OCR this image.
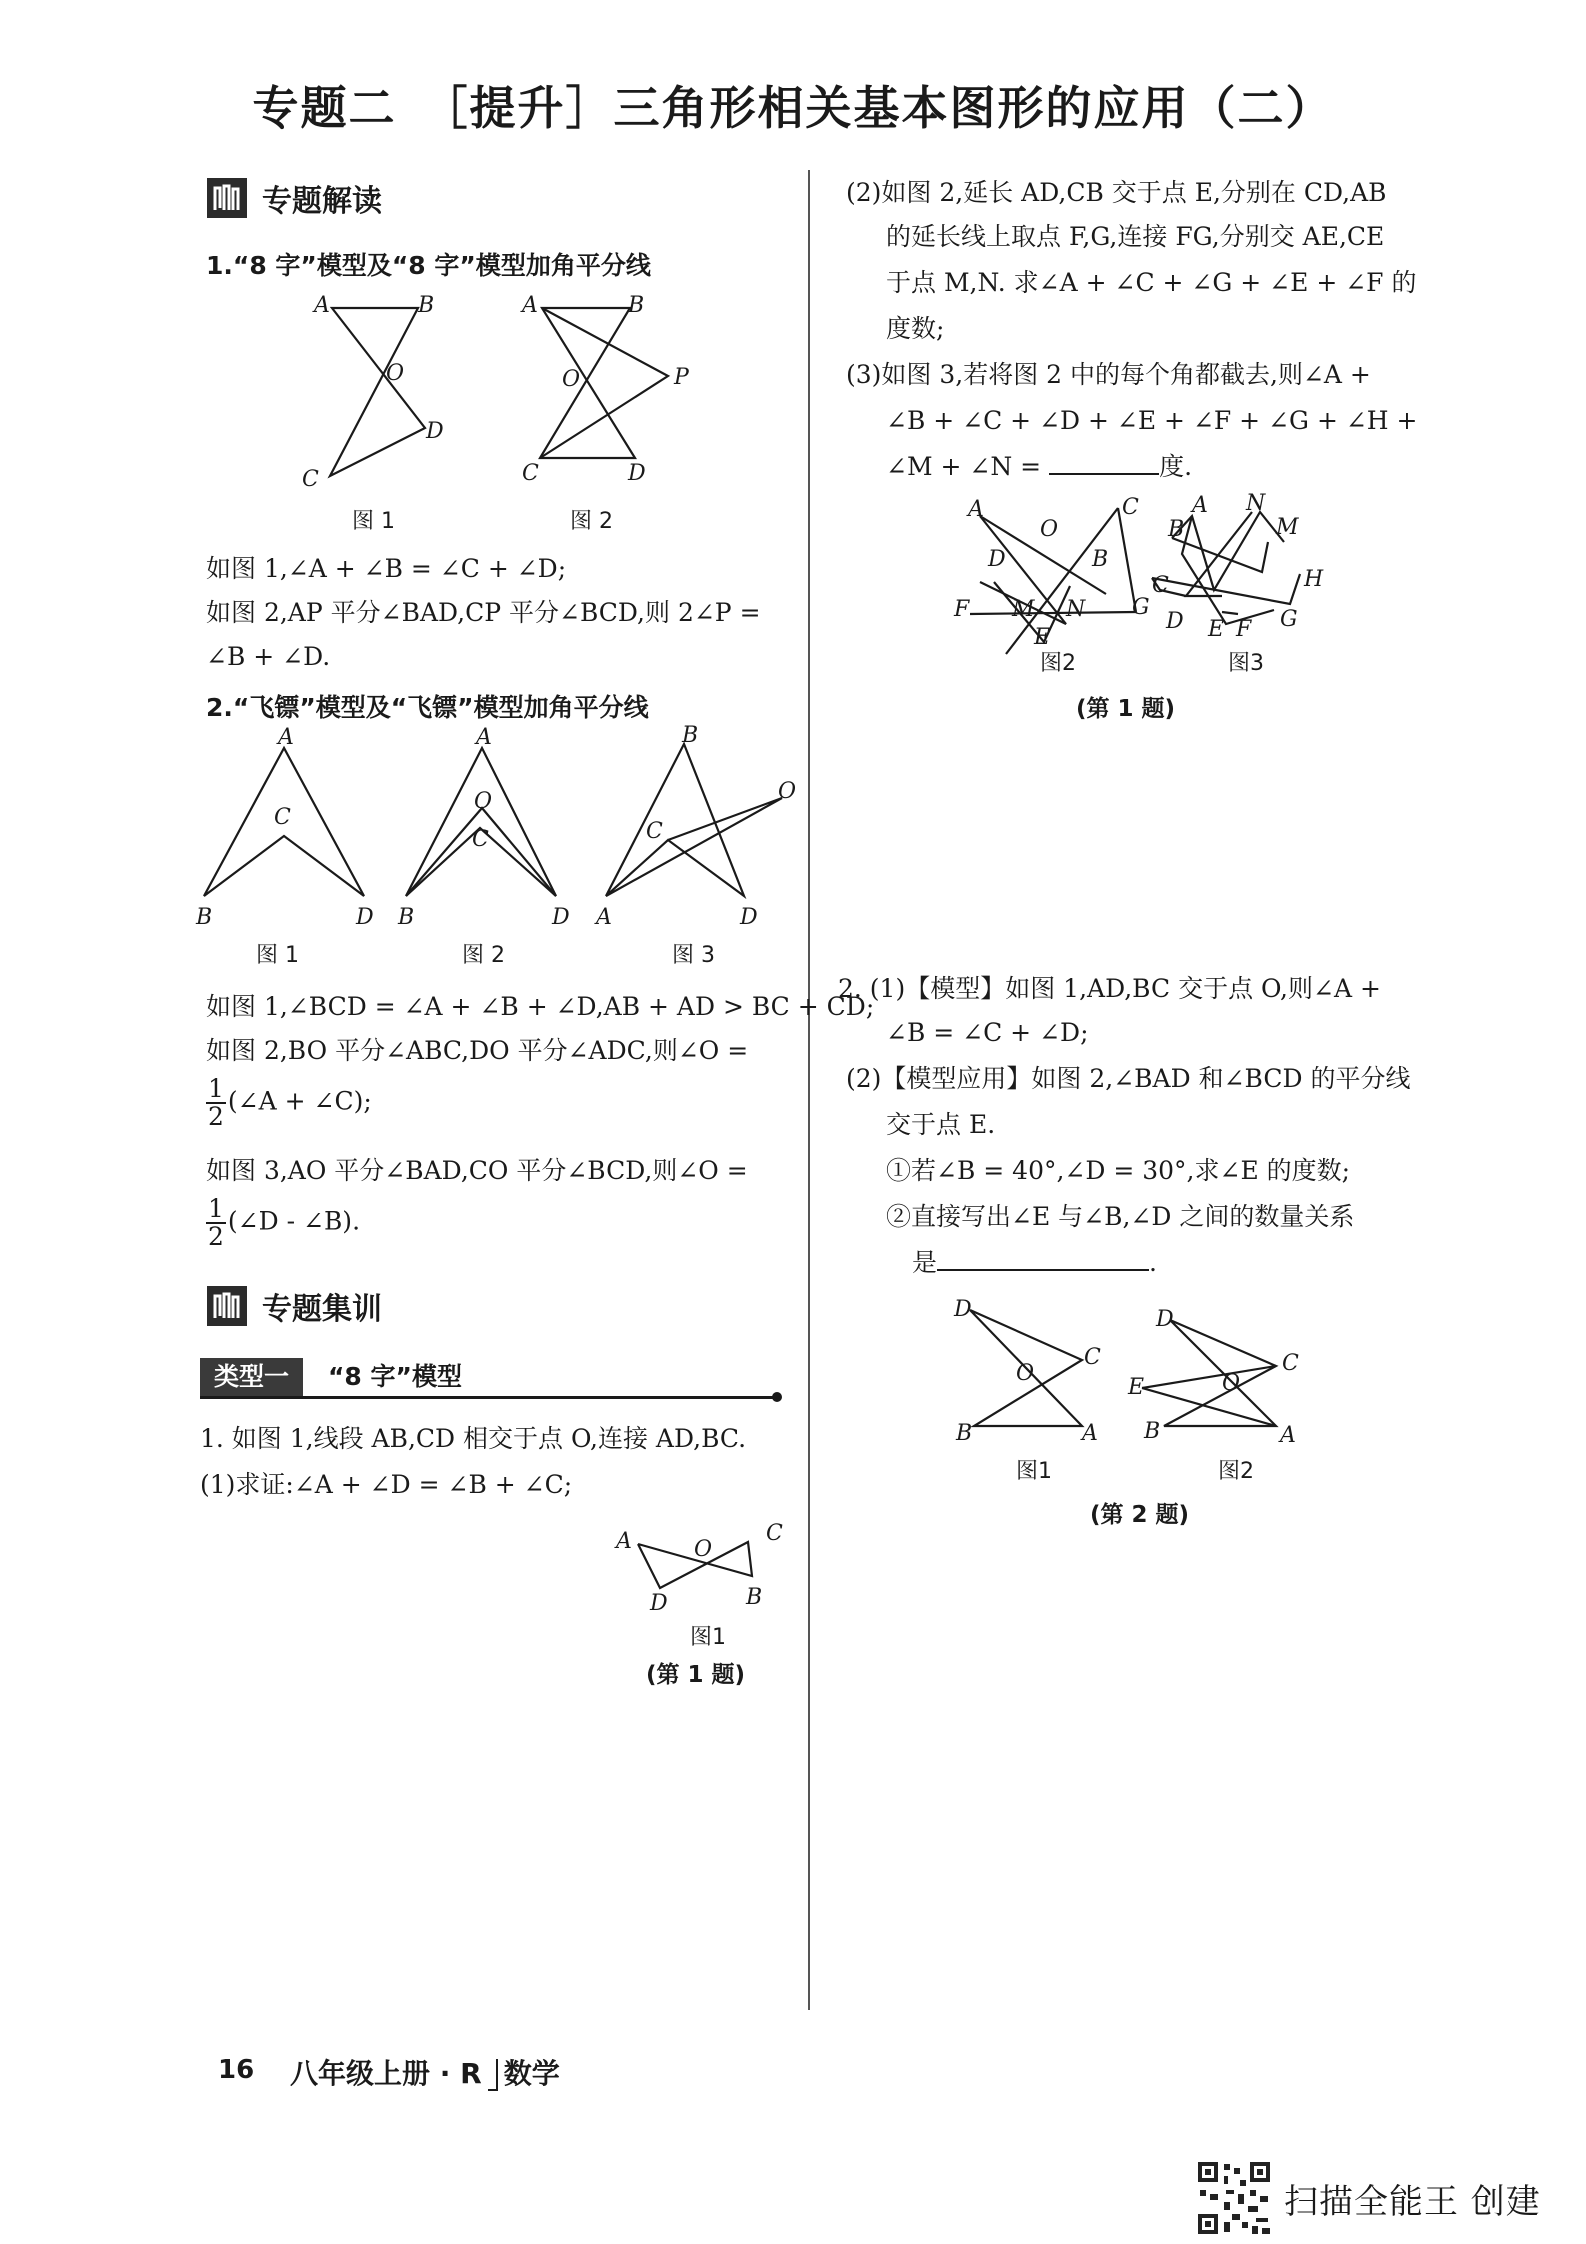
专题二　［提升］三角形相关基本图形的应用（二）
专题解读
1.“8 字”模型及“8 字”模型加角平分线
A	B
O
D
C
图 1
A	B
O	P
C	D
图 2
如图 1,∠A + ∠B = ∠C + ∠D;
如图 2,AP 平分∠BAD,CP 平分∠BCD,则 2∠P =
∠B + ∠D.
2.“飞镖”模型及“飞镖”模型加角平分线
A
C
B	D
图 1
A
O
C
B	D
图 2
B
C
O
A	D
图 3
如图 1,∠BCD = ∠A + ∠B + ∠D,AB + AD > BC + CD;
如图 2,BO 平分∠ABC,DO 平分∠ADC,则∠O =
$\frac{1}{2}$ (∠A + ∠C);
如图 3,AO 平分∠BAD,CO 平分∠BCD,则∠O =
$\frac{1}{2}$ (∠D - ∠B).
专题集训
类型一	“8 字”模型
1. 如图 1,线段 AB,CD 相交于点 O,连接 AD,BC.
(1)求证:∠A + ∠D = ∠B + ∠C;
A	O
C
D	B
图1
(第 1 题)
(2)如图 2,延长 AD,CB 交于点 E,分别在 CD,AB
的延长线上取点 F,G,连接 FG,分别交 AE,CE
于点 M,N. 求∠A + ∠C + ∠G + ∠E + ∠F 的
度数;
(3)如图 3,若将图 2 中的每个角都截去,则∠A +
∠B + ∠C + ∠D + ∠E + ∠F + ∠G + ∠H +
∠M + ∠N =	度.
A
O
C
D	B
F M N G
E
图2
B
A N
M
C	H
D E F G
图3
(第 1 题)
2. (1)【模型】如图 1,AD,BC 交于点 O,则∠A +
∠B = ∠C + ∠D;
(2)【模型应用】如图 2,∠BAD 和∠BCD 的平分线
交于点 E.
①若∠B = 40°,∠D = 30°,求∠E 的度数;
②直接写出∠E 与∠B,∠D 之间的数量关系
是	.
D
C
O
B	A
图1
D
C
E	O
B	A
图2
(第 2 题)
16 八年级上册 · R 数学
扫描全能王 创建
